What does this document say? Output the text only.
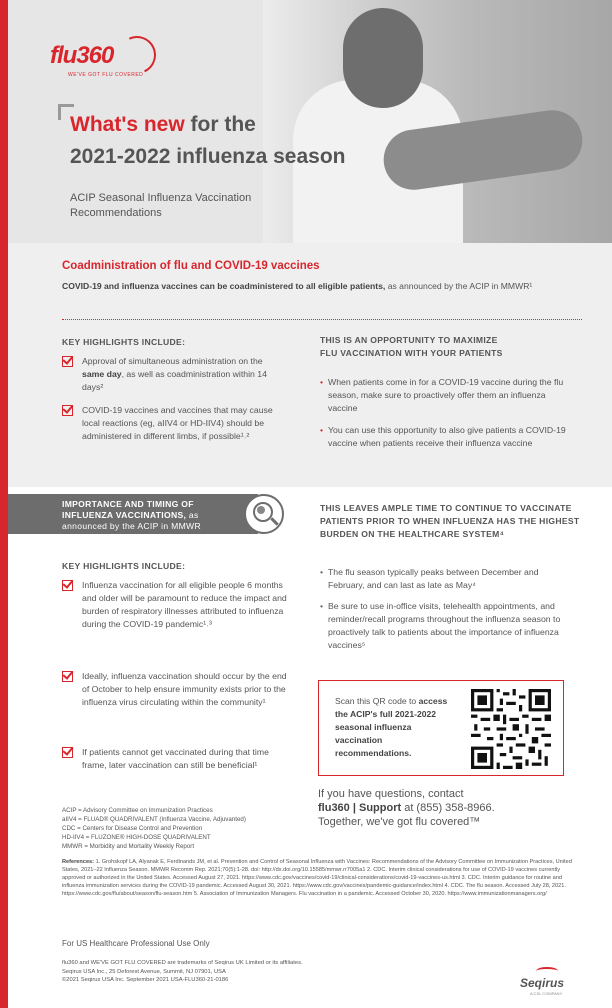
flu360
WE'VE GOT FLU COVERED
What's new for the
2021-2022 influenza season
ACIP Seasonal Influenza Vaccination
Recommendations
Coadministration of flu and COVID-19 vaccines
COVID-19 and influenza vaccines can be coadministered to all eligible patients, as announced by the ACIP in MMWR¹
KEY HIGHLIGHTS INCLUDE:
Approval of simultaneous administration on the same day, as well as coadministration within 14 days²
COVID-19 vaccines and vaccines that may cause local reactions (eg, aIIV4 or HD-IIV4) should be administered in different limbs, if possible¹˒²
THIS IS AN OPPORTUNITY TO MAXIMIZE
FLU VACCINATION WITH YOUR PATIENTS
• When patients come in for a COVID-19 vaccine during the flu season, make sure to proactively offer them an influenza vaccine
• You can use this opportunity to also give patients a COVID-19 vaccine when patients receive their influenza vaccine
IMPORTANCE AND TIMING OF
INFLUENZA VACCINATIONS, as
announced by the ACIP in MMWR
KEY HIGHLIGHTS INCLUDE:
Influenza vaccination for all eligible people 6 months and older will be paramount to reduce the impact and burden of respiratory illnesses attributed to influenza during the COVID-19 pandemic¹˒³
Ideally, influenza vaccination should occur by the end of October to help ensure immunity exists prior to the influenza virus circulating within the community¹
If patients cannot get vaccinated during that time frame, later vaccination can still be beneficial¹
THIS LEAVES AMPLE TIME TO CONTINUE TO VACCINATE PATIENTS PRIOR TO WHEN INFLUENZA HAS THE HIGHEST BURDEN ON THE HEALTHCARE SYSTEM⁴
• The flu season typically peaks between December and February, and can last as late as May⁴
• Be sure to use in-office visits, telehealth appointments, and reminder/recall programs throughout the influenza season to proactively talk to patients about the importance of influenza vaccines⁵
Scan this QR code to access the ACIP's full 2021-2022 seasonal influenza vaccination recommendations.
If you have questions, contact
flu360 | Support at (855) 358-8966.
Together, we've got flu covered™
ACIP = Advisory Committee on Immunization Practices
aIIV4 = FLUAD® QUADRIVALENT (Influenza Vaccine, Adjuvanted)
CDC = Centers for Disease Control and Prevention
HD-IIV4 = FLUZONE® HIGH-DOSE QUADRIVALENT
MMWR = Morbidity and Mortality Weekly Report
References: 1. Grohskopf LA, Alyanak E, Ferdinands JM, et al. Prevention and Control of Seasonal Influenza with Vaccines: Recommendations of the Advisory Committee on Immunization Practices, United States, 2021–22 Influenza Season. MMWR Recomm Rep. 2021;70(5):1-28. doi: http://dx.doi.org/10.15585/mmwr.rr7005a1 2. CDC. Interim clinical considerations for use of COVID-19 vaccines currently approved or authorized in the United States. Accessed August 27, 2021. https://www.cdc.gov/vaccines/covid-19/clinical-considerations/covid-19-vaccines-us.html 3. CDC. Interim guidance for routine and influenza immunization services during the COVID-19 pandemic. Accessed August 30, 2021. https://www.cdc.gov/vaccines/pandemic-guidance/index.html 4. CDC. The flu season. Accessed July 28, 2021. https://www.cdc.gov/flu/about/season/flu-season.htm 5. Association of Immunization Managers. Flu vaccination in a pandemic. Accessed October 30, 2020. https://www.immunizationmanagers.org/
For US Healthcare Professional Use Only
flu360 and WE'VE GOT FLU COVERED are trademarks of Seqirus UK Limited or its affiliates.
Seqirus USA Inc., 25 Deforest Avenue, Summit, NJ 07901, USA
©2021 Seqirus USA Inc. September 2021 USA-FLU360-21-0186	Seqirus
A CSL COMPANY
